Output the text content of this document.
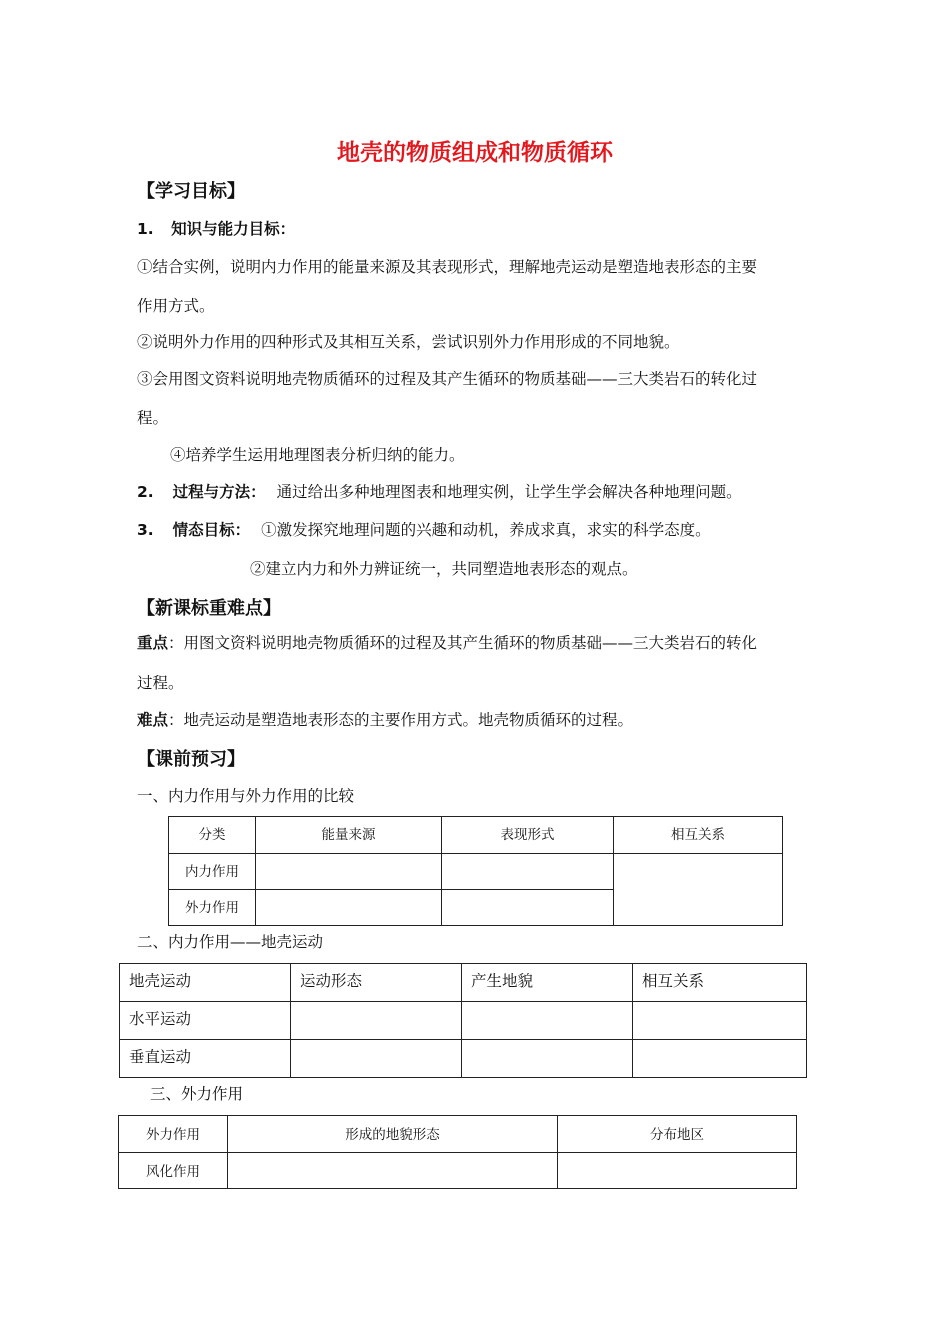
地壳的物质组成和物质循环
【学习目标】
1. 知识与能力目标：
①结合实例，说明内力作用的能量来源及其表现形式，理解地壳运动是塑造地表形态的主要
作用方式。
②说明外力作用的四种形式及其相互关系，尝试识别外力作用形成的不同地貌。
③会用图文资料说明地壳物质循环的过程及其产生循环的物质基础——三大类岩石的转化过
程。
④培养学生运用地理图表分析归纳的能力。
2. 过程与方法： 通过给出多种地理图表和地理实例，让学生学会解决各种地理问题。
3. 情态目标： ①激发探究地理问题的兴趣和动机，养成求真，求实的科学态度。
②建立内力和外力辨证统一，共同塑造地表形态的观点。
【新课标重难点】
重点：用图文资料说明地壳物质循环的过程及其产生循环的物质基础——三大类岩石的转化
过程。
难点：地壳运动是塑造地表形态的主要作用方式。地壳物质循环的过程。
【课前预习】
一、内力作用与外力作用的比较
分类	能量来源	表现形式	相互关系
内力作用			
外力作用			
二、内力作用——地壳运动
地壳运动	运动形态	产生地貌	相互关系
水平运动			
垂直运动			
三、外力作用
外力作用	形成的地貌形态	分布地区
风化作用		
